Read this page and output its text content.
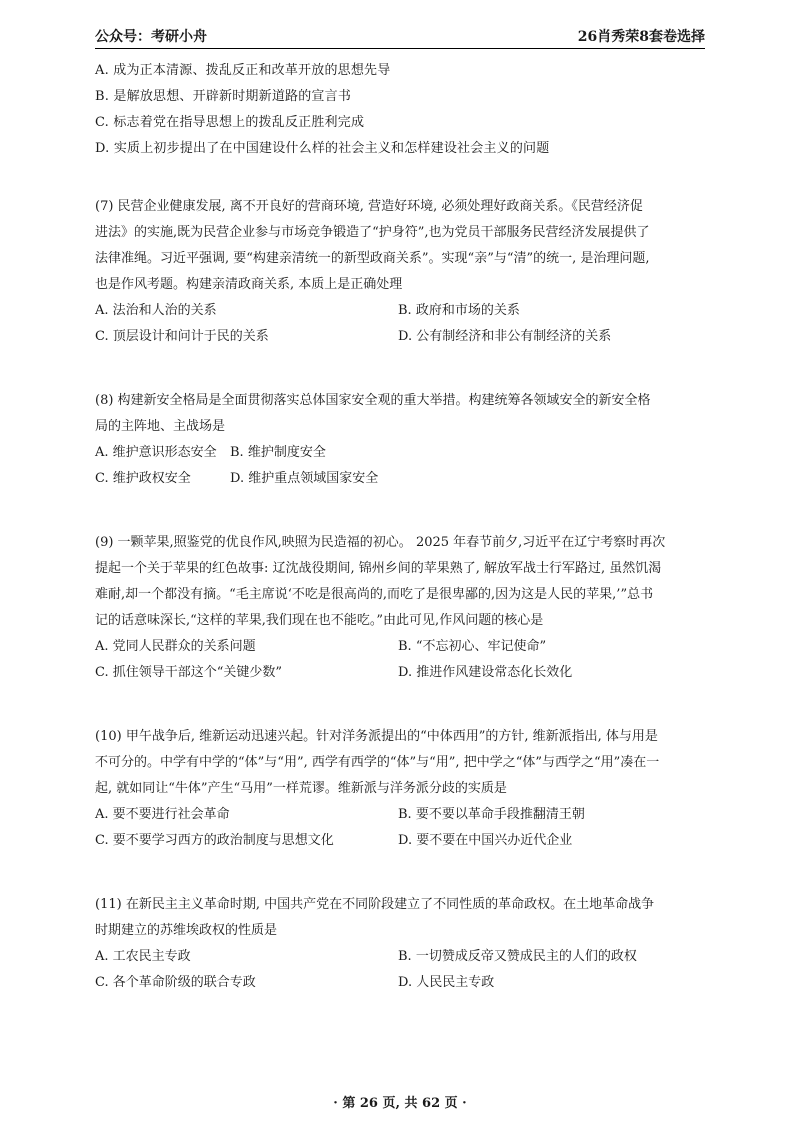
公众号：考研小舟	26肖秀荣8套卷选择
A. 成为正本清源、拨乱反正和改革开放的思想先导
B. 是解放思想、开辟新时期新道路的宣言书
C. 标志着党在指导思想上的拨乱反正胜利完成
D. 实质上初步提出了在中国建设什么样的社会主义和怎样建设社会主义的问题
(7) 民营企业健康发展, 离不开良好的营商环境, 营造好环境, 必须处理好政商关系。《民营经济促
进法》的实施,既为民营企业参与市场竞争锻造了“护身符”,也为党员干部服务民营经济发展提供了
法律准绳。习近平强调, 要“构建亲清统一的新型政商关系”。实现“亲”与“清”的统一, 是治理问题,
也是作风考题。构建亲清政商关系, 本质上是正确处理
A. 法治和人治的关系	B. 政府和市场的关系
C. 顶层设计和问计于民的关系	D. 公有制经济和非公有制经济的关系
(8) 构建新安全格局是全面贯彻落实总体国家安全观的重大举措。构建统筹各领域安全的新安全格
局的主阵地、主战场是
A. 维护意识形态安全	B. 维护制度安全
C. 维护政权安全	D. 维护重点领域国家安全
(9) 一颗苹果,照鉴党的优良作风,映照为民造福的初心。 2025 年春节前夕,习近平在辽宁考察时再次
提起一个关于苹果的红色故事: 辽沈战役期间, 锦州乡间的苹果熟了, 解放军战士行军路过, 虽然饥渴
难耐,却一个都没有摘。“毛主席说‘不吃是很高尚的,而吃了是很卑鄙的,因为这是人民的苹果,’”总书
记的话意味深长,“这样的苹果,我们现在也不能吃。”由此可见,作风问题的核心是
A. 党同人民群众的关系问题	B. “不忘初心、牢记使命”
C. 抓住领导干部这个“关键少数”	D. 推进作风建设常态化长效化
(10) 甲午战争后, 维新运动迅速兴起。针对洋务派提出的“中体西用”的方针, 维新派指出, 体与用是
不可分的。中学有中学的“体”与“用”, 西学有西学的“体”与“用”, 把中学之“体”与西学之“用”凑在一
起, 就如同让“牛体”产生“马用”一样荒谬。维新派与洋务派分歧的实质是
A. 要不要进行社会革命	B. 要不要以革命手段推翻清王朝
C. 要不要学习西方的政治制度与思想文化	D. 要不要在中国兴办近代企业
(11) 在新民主主义革命时期, 中国共产党在不同阶段建立了不同性质的革命政权。在土地革命战争
时期建立的苏维埃政权的性质是
A. 工农民主专政	B. 一切赞成反帝又赞成民主的人们的政权
C. 各个革命阶级的联合专政	D. 人民民主专政
· 第 26 页, 共 62 页 ·
